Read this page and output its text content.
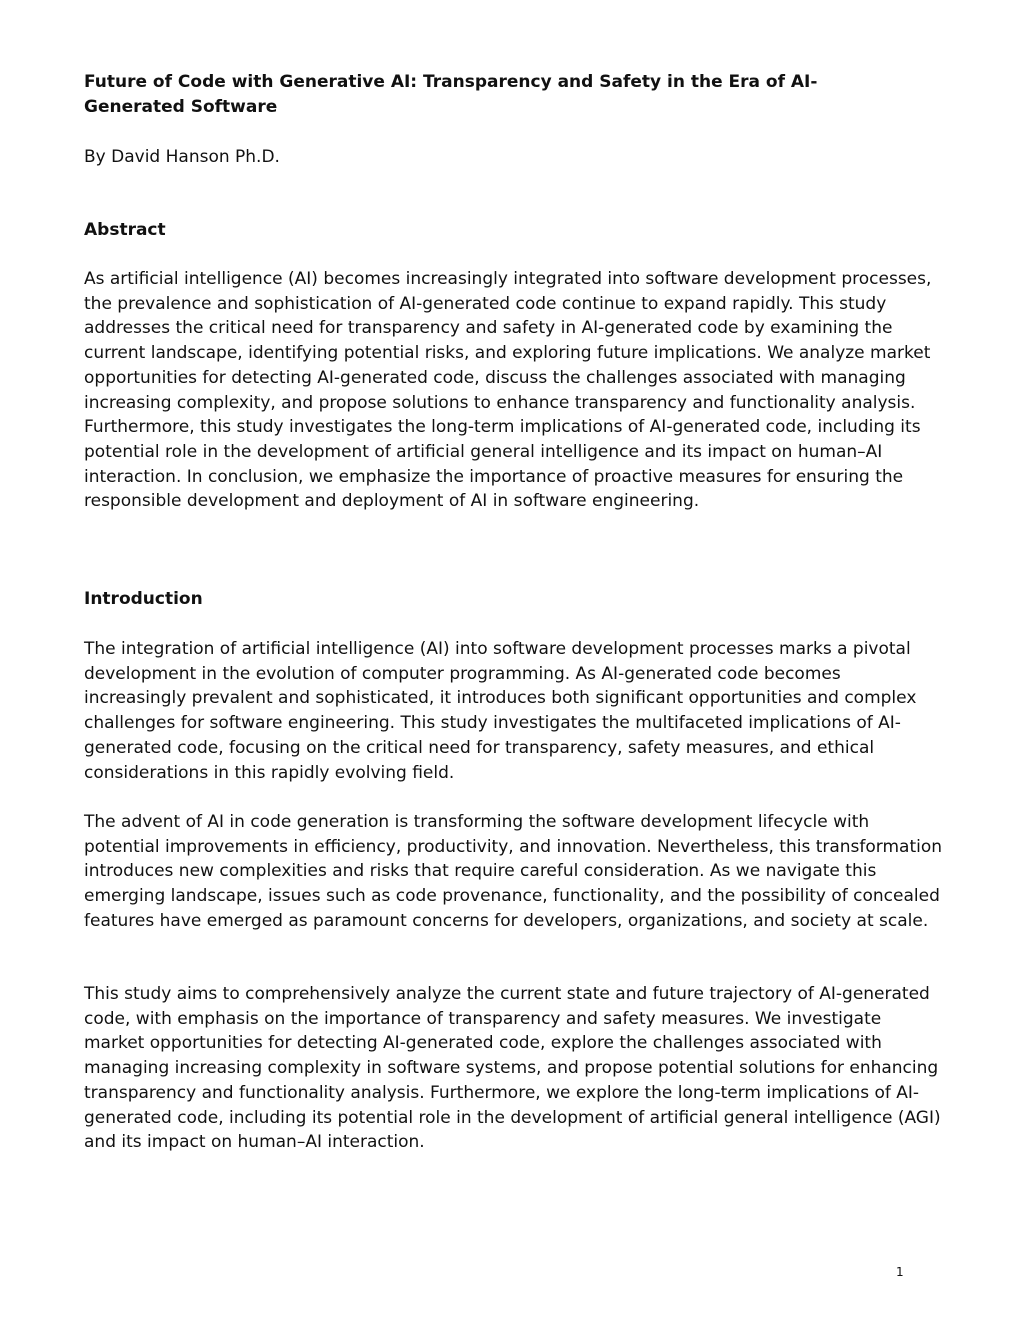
Future of Code with Generative AI: Transparency and Safety in the Era of AI-Generated Software

By David Hanson Ph.D.

Abstract

As artificial intelligence (AI) becomes increasingly integrated into software development processes, the prevalence and sophistication of AI-generated code continue to expand rapidly. This study addresses the critical need for transparency and safety in AI-generated code by examining the current landscape, identifying potential risks, and exploring future implications. We analyze market opportunities for detecting AI-generated code, discuss the challenges associated with managing increasing complexity, and propose solutions to enhance transparency and functionality analysis. Furthermore, this study investigates the long-term implications of AI-generated code, including its potential role in the development of artificial general intelligence and its impact on human–AI interaction. In conclusion, we emphasize the importance of proactive measures for ensuring the responsible development and deployment of AI in software engineering.

Introduction

The integration of artificial intelligence (AI) into software development processes marks a pivotal development in the evolution of computer programming. As AI-generated code becomes increasingly prevalent and sophisticated, it introduces both significant opportunities and complex challenges for software engineering. This study investigates the multifaceted implications of AI-generated code, focusing on the critical need for transparency, safety measures, and ethical considerations in this rapidly evolving field.

The advent of AI in code generation is transforming the software development lifecycle with potential improvements in efficiency, productivity, and innovation. Nevertheless, this transformation introduces new complexities and risks that require careful consideration. As we navigate this emerging landscape, issues such as code provenance, functionality, and the possibility of concealed features have emerged as paramount concerns for developers, organizations, and society at scale.

This study aims to comprehensively analyze the current state and future trajectory of AI-generated code, with emphasis on the importance of transparency and safety measures. We investigate market opportunities for detecting AI-generated code, explore the challenges associated with managing increasing complexity in software systems, and propose potential solutions for enhancing transparency and functionality analysis. Furthermore, we explore the long-term implications of AI-generated code, including its potential role in the development of artificial general intelligence (AGI) and its impact on human–AI interaction.

1
